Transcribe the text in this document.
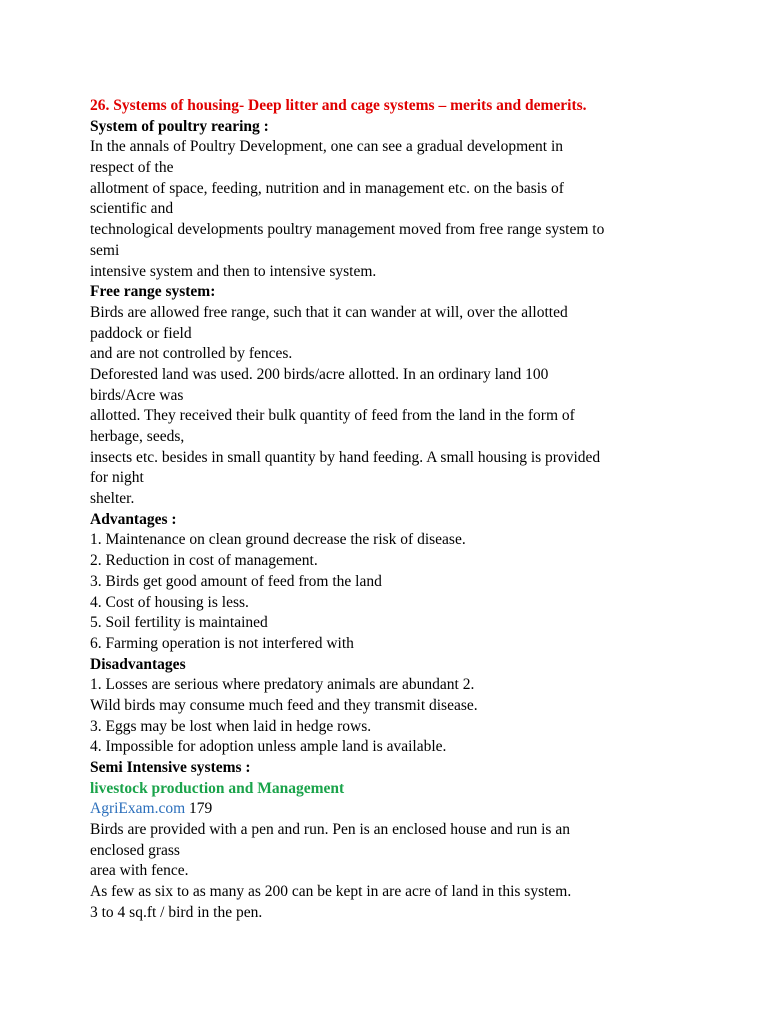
26. Systems of housing- Deep litter and cage systems – merits and demerits.
System of poultry rearing :
In the annals of Poultry Development, one can see a gradual development in
respect of the
allotment of space, feeding, nutrition and in management etc. on the basis of
scientific and
technological developments poultry management moved from free range system to
semi
intensive system and then to intensive system.
Free range system:
Birds are allowed free range, such that it can wander at will, over the allotted
paddock or field
and are not controlled by fences.
Deforested land was used. 200 birds/acre allotted. In an ordinary land 100
birds/Acre was
allotted. They received their bulk quantity of feed from the land in the form of
herbage, seeds,
insects etc. besides in small quantity by hand feeding. A small housing is provided
for night
shelter.
Advantages :
1. Maintenance on clean ground decrease the risk of disease.
2. Reduction in cost of management.
3. Birds get good amount of feed from the land
4. Cost of housing is less.
5. Soil fertility is maintained
6. Farming operation is not interfered with
Disadvantages
1. Losses are serious where predatory animals are abundant 2.
Wild birds may consume much feed and they transmit disease.
3. Eggs may be lost when laid in hedge rows.
4. Impossible for adoption unless ample land is available.
Semi Intensive systems :
livestock production and Management
AgriExam.com 179
Birds are provided with a pen and run. Pen is an enclosed house and run is an
enclosed grass
area with fence.
As few as six to as many as 200 can be kept in are acre of land in this system.
3 to 4 sq.ft / bird in the pen.
